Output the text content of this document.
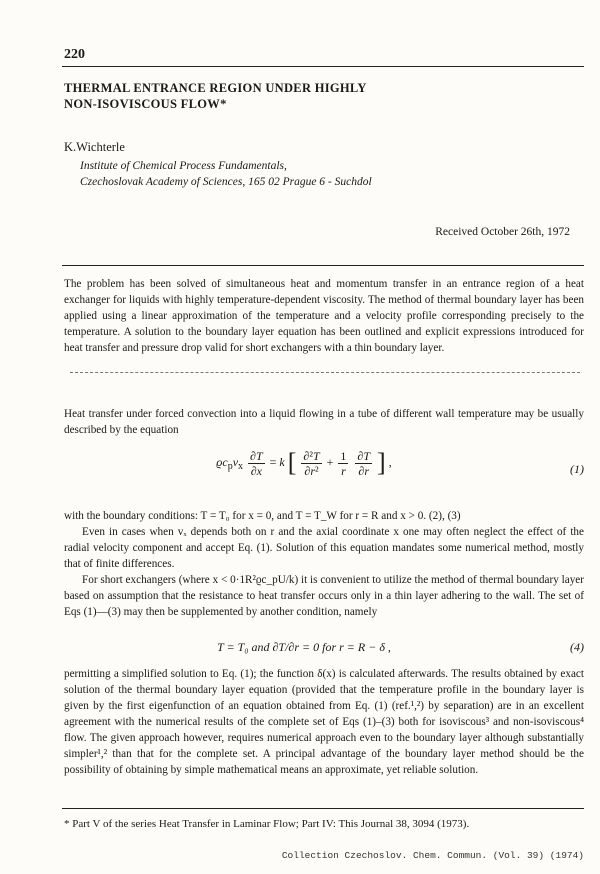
220
THERMAL ENTRANCE REGION UNDER HIGHLY
NON-ISOVISCOUS FLOW*
K.Wichterle
Institute of Chemical Process Fundamentals,
Czechoslovak Academy of Sciences, 165 02 Prague 6 - Suchdol
Received October 26th, 1972
The problem has been solved of simultaneous heat and momentum transfer in an entrance region of a heat exchanger for liquids with highly temperature-dependent viscosity. The method of thermal boundary layer has been applied using a linear approximation of the temperature and a velocity profile corresponding precisely to the temperature. A solution to the boundary layer equation has been outlined and explicit expressions introduced for heat transfer and pressure drop valid for short exchangers with a thin boundary layer.
Heat transfer under forced convection into a liquid flowing in a tube of different wall temperature may be usually described by the equation
$ϱc_pv_x \frac{\partial T}{\partial x} = k$ [ $\frac{\text{∂²T}}{\text{∂r²}} + \frac{1}{r}$
$\frac{\partial T}{\partial r}$ ] ,
(1)
with the boundary conditions: T = T₀ for x = 0, and T = T_W for r = R and x > 0. (2), (3)
Even in cases when vₓ depends both on r and the axial coordinate x one may often neglect the effect of the radial velocity component and accept Eq. (1). Solution of this equation mandates some numerical method, mostly that of finite differences.
For short exchangers (where x < 0·1R²ϱc_pU/k) it is convenient to utilize the method of thermal boundary layer based on assumption that the resistance to heat transfer occurs only in a thin layer adhering to the wall. The set of Eqs (1)—(3) may then be supplemented by another condition, namely
T = T₀ and ∂T/∂r = 0 for r = R − δ ,	(4)
permitting a simplified solution to Eq. (1); the function δ(x) is calculated afterwards. The results obtained by exact solution of the thermal boundary layer equation (provided that the temperature profile in the boundary layer is given by the first eigenfunction of an equation obtained from Eq. (1) (ref.¹,²) by separation) are in an excellent agreement with the numerical results of the complete set of Eqs (1)–(3) both for isoviscous³ and non-isoviscous⁴ flow. The given approach however, requires numerical approach even to the boundary layer although substantially simpler¹,² than that for the complete set. A principal advantage of the boundary layer method should be the possibility of obtaining by simple mathematical means an approximate, yet reliable solution.
* Part V of the series Heat Transfer in Laminar Flow; Part IV: This Journal 38, 3094 (1973).
Collection Czechoslov. Chem. Commun. (Vol. 39) (1974)
